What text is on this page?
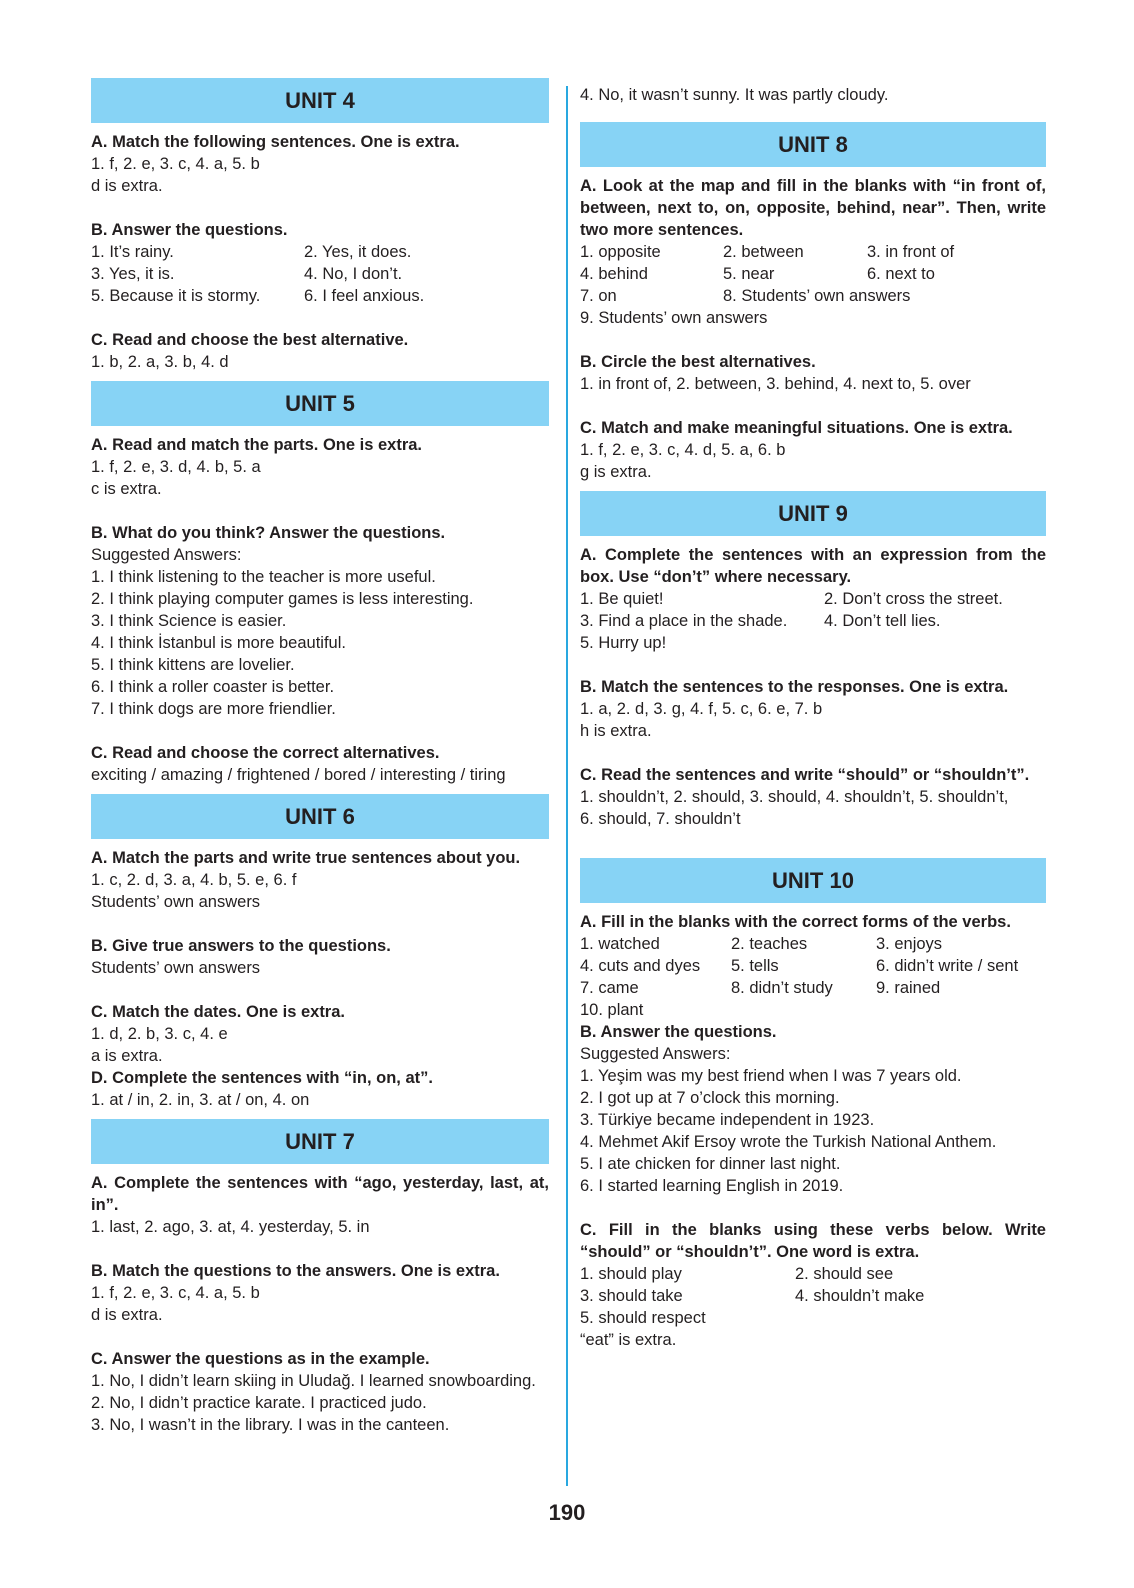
UNIT 4
A. Match the following sentences. One is extra.
1. f, 2. e, 3. c, 4. a, 5. b
d is extra.
B. Answer the questions.
1. It’s rainy.	2. Yes, it does.
3. Yes, it is.	4. No, I don’t.
5. Because it is stormy.	6. I feel anxious.
C. Read and choose the best alternative.
1. b, 2. a, 3. b, 4. d
UNIT 5
A. Read and match the parts. One is extra.
1. f, 2. e, 3. d, 4. b, 5. a
c is extra.
B. What do you think? Answer the questions.
Suggested Answers:
1. I think listening to the teacher is more useful.
2. I think playing computer games is less interesting.
3. I think Science is easier.
4. I think İstanbul is more beautiful.
5. I think kittens are lovelier.
6. I think a roller coaster is better.
7. I think dogs are more friendlier.
C. Read and choose the correct alternatives.
exciting / amazing / frightened / bored / interesting / tiring
UNIT 6
A. Match the parts and write true sentences about you.
1. c, 2. d, 3. a, 4. b, 5. e, 6. f
Students’ own answers
B. Give true answers to the questions.
Students’ own answers
C. Match the dates. One is extra.
1. d, 2. b, 3. c, 4. e
a is extra.
D. Complete the sentences with “in, on, at”.
1. at / in, 2. in, 3. at / on, 4. on
UNIT 7
A. Complete the sentences with “ago, yesterday, last, at, in”.
1. last, 2. ago, 3. at, 4. yesterday, 5. in
B. Match the questions to the answers. One is extra.
1. f, 2. e, 3. c, 4. a, 5. b
d is extra.
C. Answer the questions as in the example.
1. No, I didn’t learn skiing in Uludağ. I learned snowboarding.
2. No, I didn’t practice karate. I practiced judo.
3. No, I wasn’t in the library. I was in the canteen.
4. No, it wasn’t sunny. It was partly cloudy.
UNIT 8
A. Look at the map and fill in the blanks with “in front of, between, next to, on, opposite, behind, near”. Then, write two more sentences.
1. opposite	2. between	3. in front of
4. behind	5. near	6. next to
7. on	8. Students’ own answers
9. Students’ own answers
B. Circle the best alternatives.
1. in front of, 2. between, 3. behind, 4. next to, 5. over
C. Match and make meaningful situations. One is extra.
1. f, 2. e, 3. c, 4. d, 5. a, 6. b
g is extra.
UNIT 9
A. Complete the sentences with an expression from the box. Use “don’t” where necessary.
1. Be quiet!	2. Don’t cross the street.
3. Find a place in the shade.	4. Don’t tell lies.
5. Hurry up!
B. Match the sentences to the responses. One is extra.
1. a, 2. d, 3. g, 4. f, 5. c, 6. e, 7. b
h is extra.
C. Read the sentences and write “should” or “shouldn’t”.
1. shouldn’t, 2. should, 3. should, 4. shouldn’t, 5. shouldn’t,
6. should, 7. shouldn’t
UNIT 10
A. Fill in the blanks with the correct forms of the verbs.
1. watched	2. teaches	3. enjoys
4. cuts and dyes	5. tells	6. didn’t write / sent
7. came	8. didn’t study	9. rained
10. plant
B. Answer the questions.
Suggested Answers:
1. Yeşim was my best friend when I was 7 years old.
2. I got up at 7 o’clock this morning.
3. Türkiye became independent in 1923.
4. Mehmet Akif Ersoy wrote the Turkish National Anthem.
5. I ate chicken for dinner last night.
6. I started learning English in 2019.
C. Fill in the blanks using these verbs below. Write “should” or “shouldn’t”. One word is extra.
1. should play	2. should see
3. should take	4. shouldn’t make
5. should respect
“eat” is extra.
190
